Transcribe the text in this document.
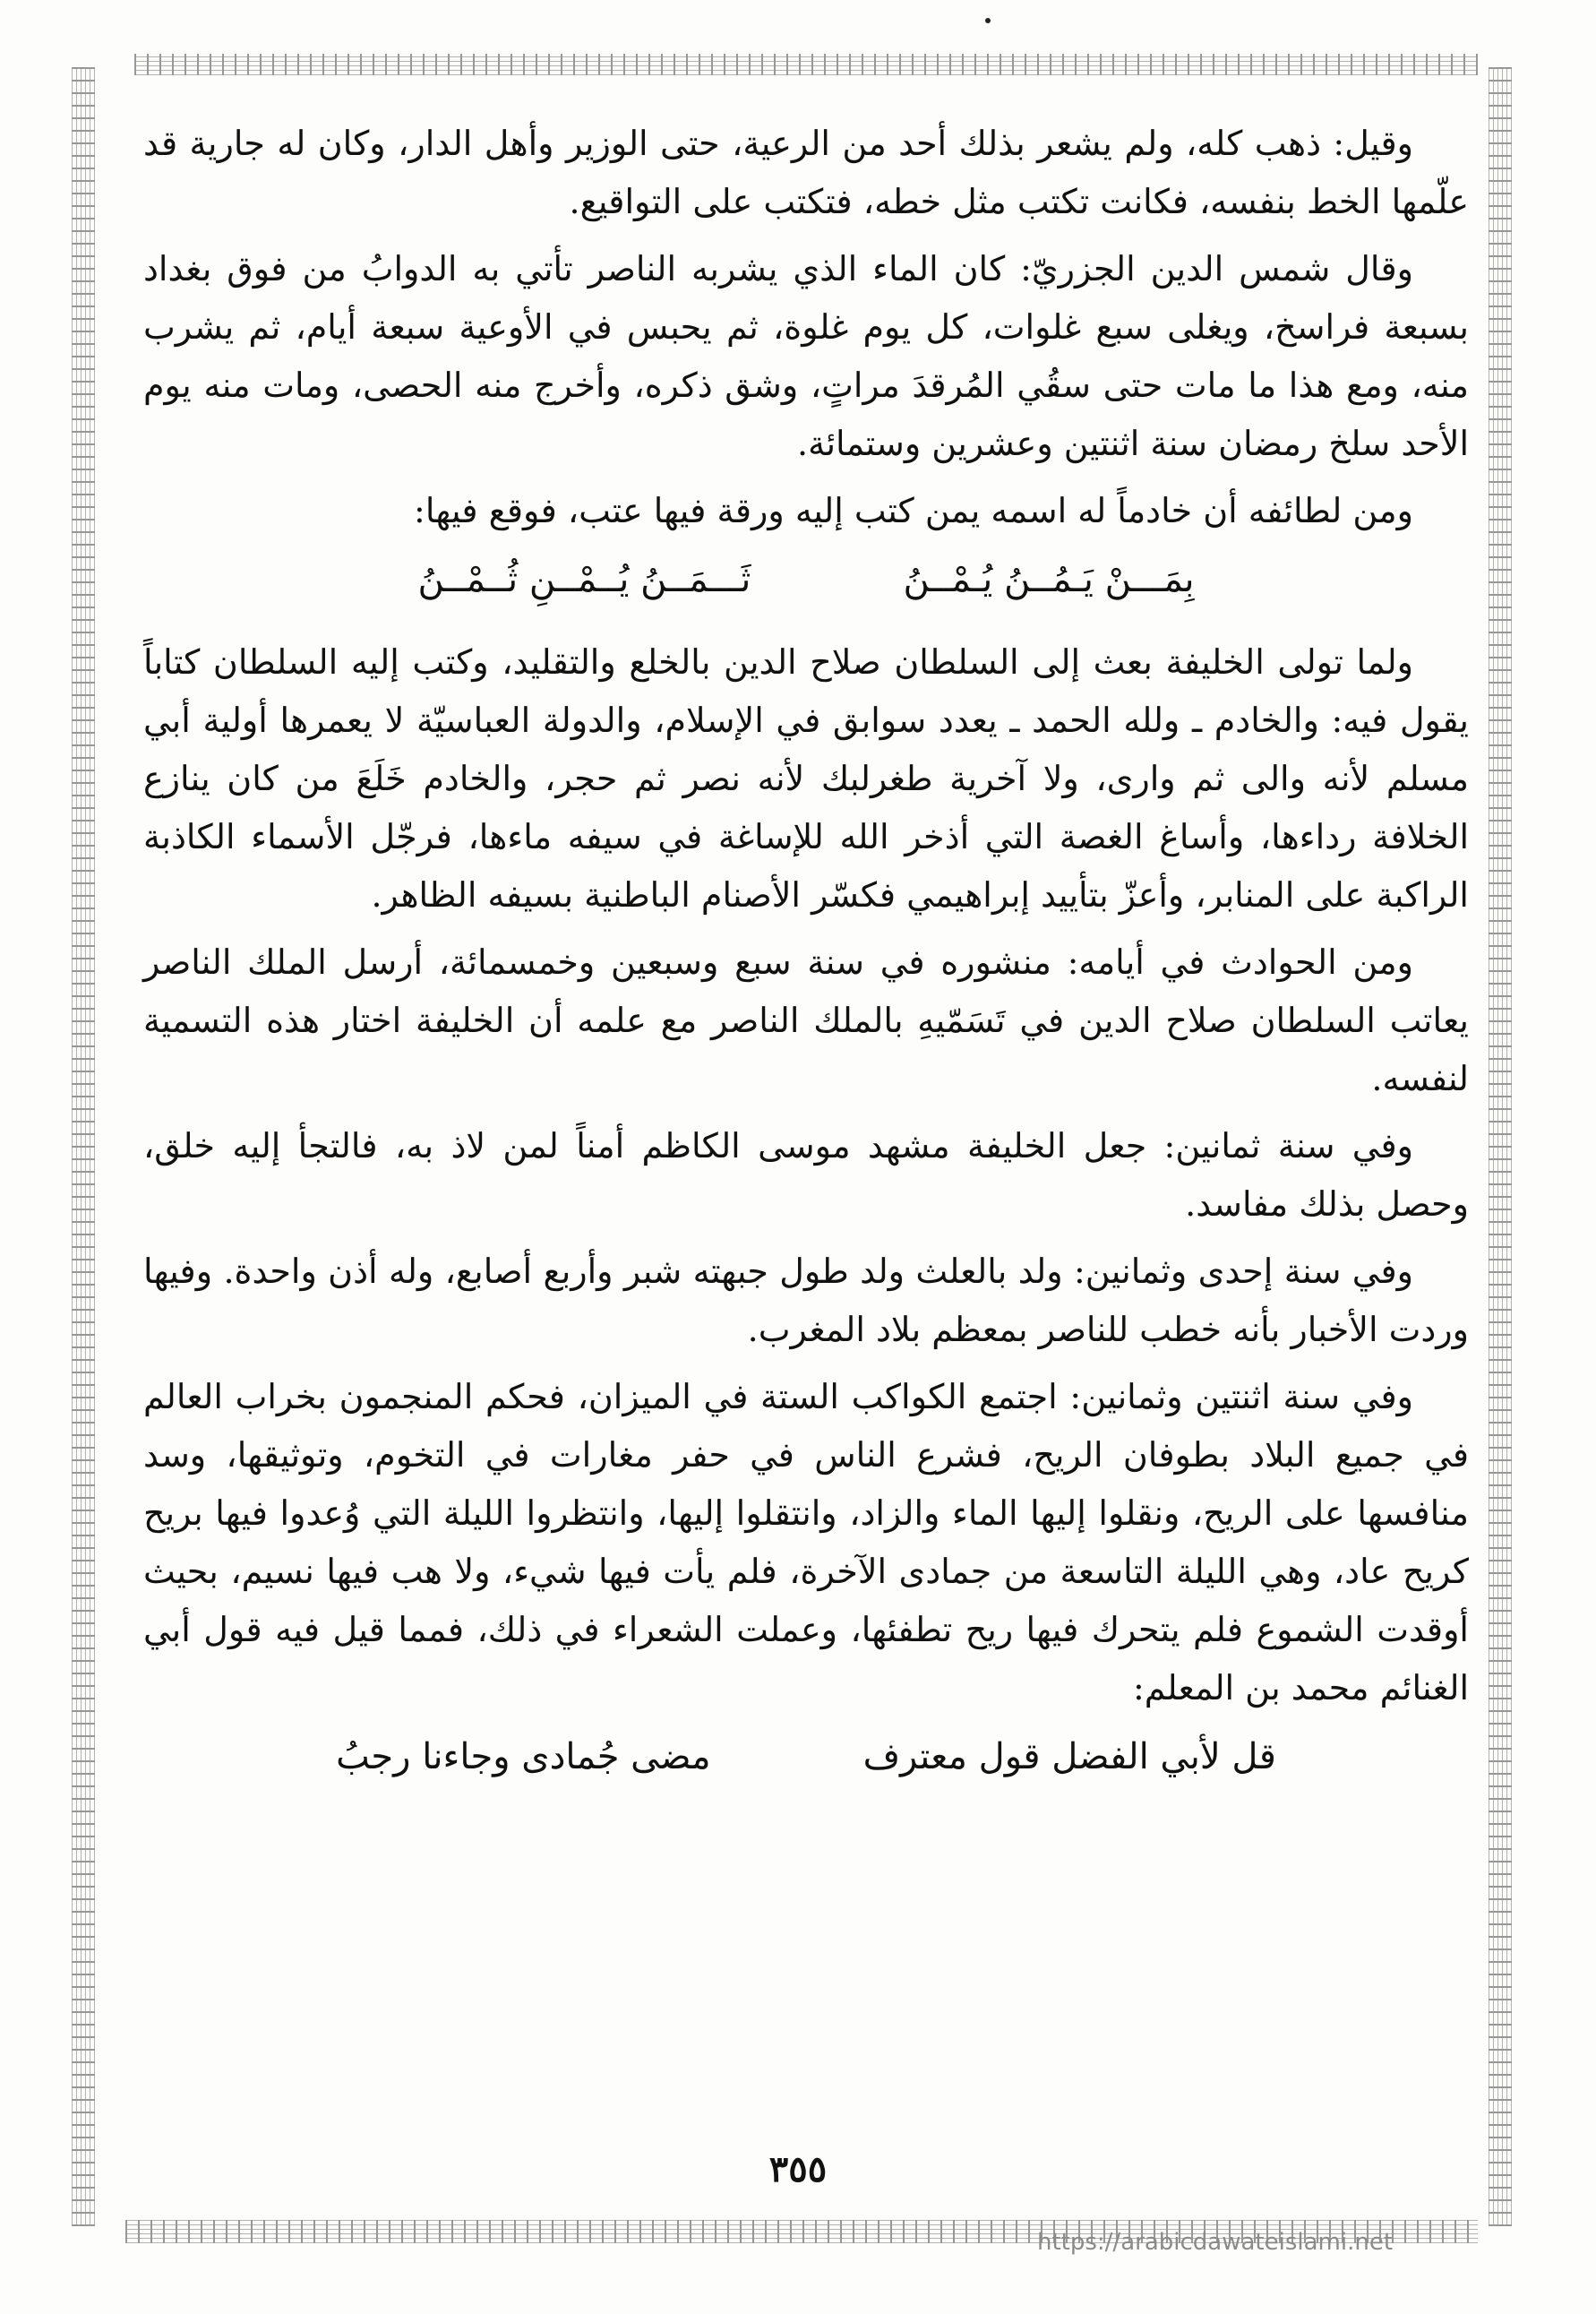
وقيل: ذهب كله، ولم يشعر بذلك أحد من الرعية، حتى الوزير وأهل الدار، وكان له جارية قد علّمها الخط بنفسه، فكانت تكتب مثل خطه، فتكتب على التواقيع.

وقال شمس الدين الجزريّ: كان الماء الذي يشربه الناصر تأتي به الدوابُ من فوق بغداد بسبعة فراسخ، ويغلى سبع غلوات، كل يوم غلوة، ثم يحبس في الأوعية سبعة أيام، ثم يشرب منه، ومع هذا ما مات حتى سقُي المُرقدَ مراتٍ، وشق ذكره، وأخرج منه الحصى، ومات منه يوم الأحد سلخ رمضان سنة اثنتين وعشرين وستمائة.

ومن لطائفه أن خادماً له اسمه يمن كتب إليه ورقة فيها عتب، فوقع فيها:

بِمَـــنْ يَـمُــنُ يُـمْــنُ
ثَـــمَــنُ يُــمْــنِ ثُــمْــنُ

ولما تولى الخليفة بعث إلى السلطان صلاح الدين بالخلع والتقليد، وكتب إليه السلطان كتاباً يقول فيه: والخادم ـ ولله الحمد ـ يعدد سوابق في الإسلام، والدولة العباسيّة لا يعمرها أولية أبي مسلم لأنه والى ثم وارى، ولا آخرية طغرلبك لأنه نصر ثم حجر، والخادم خَلَعَ من كان ينازع الخلافة رداءها، وأساغ الغصة التي أذخر الله للإساغة في سيفه ماءها، فرجّل الأسماء الكاذبة الراكبة على المنابر، وأعزّ بتأييد إبراهيمي فكسّر الأصنام الباطنية بسيفه الظاهر.

ومن الحوادث في أيامه: منشوره في سنة سبع وسبعين وخمسمائة، أرسل الملك الناصر يعاتب السلطان صلاح الدين في تَسَمّيهِ بالملك الناصر مع علمه أن الخليفة اختار هذه التسمية لنفسه.

وفي سنة ثمانين: جعل الخليفة مشهد موسى الكاظم أمناً لمن لاذ به، فالتجأ إليه خلق، وحصل بذلك مفاسد.

وفي سنة إحدى وثمانين: ولد بالعلث ولد طول جبهته شبر وأربع أصابع، وله أذن واحدة. وفيها وردت الأخبار بأنه خطب للناصر بمعظم بلاد المغرب.

وفي سنة اثنتين وثمانين: اجتمع الكواكب الستة في الميزان، فحكم المنجمون بخراب العالم في جميع البلاد بطوفان الريح، فشرع الناس في حفر مغارات في التخوم، وتوثيقها، وسد منافسها على الريح، ونقلوا إليها الماء والزاد، وانتقلوا إليها، وانتظروا الليلة التي وُعدوا فيها بريح كريح عاد، وهي الليلة التاسعة من جمادى الآخرة، فلم يأت فيها شيء، ولا هب فيها نسيم، بحيث أوقدت الشموع فلم يتحرك فيها ريح تطفئها، وعملت الشعراء في ذلك، فمما قيل فيه قول أبي الغنائم محمد بن المعلم:

قل لأبي الفضل قول معترف
مضى جُمادى وجاءنا رجبُ
٣٥٥
https://arabicdawateislami.net
